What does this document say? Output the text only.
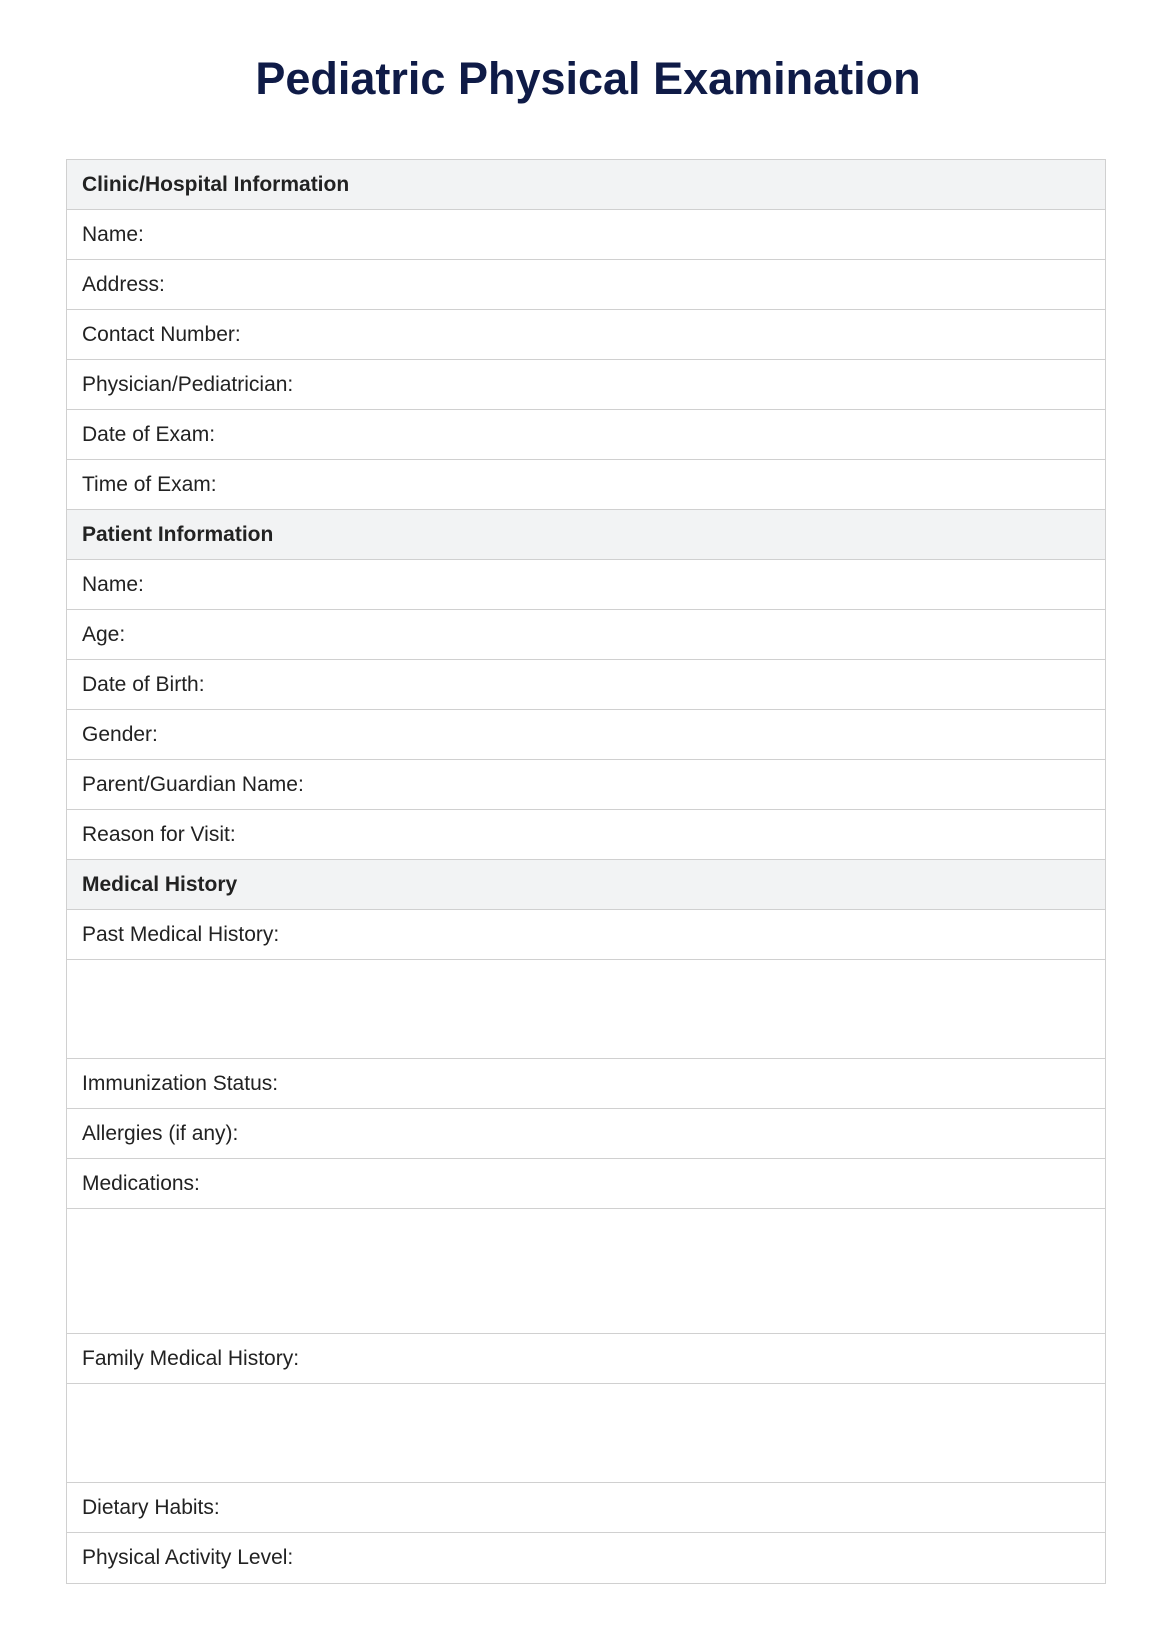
Pediatric Physical Examination
Clinic/Hospital Information
Name:
Address:
Contact Number:
Physician/Pediatrician:
Date of Exam:
Time of Exam:
Patient Information
Name:
Age:
Date of Birth:
Gender:
Parent/Guardian Name:
Reason for Visit:
Medical History
Past Medical History:
Immunization Status:
Allergies (if any):
Medications:
Family Medical History:
Dietary Habits:
Physical Activity Level:
